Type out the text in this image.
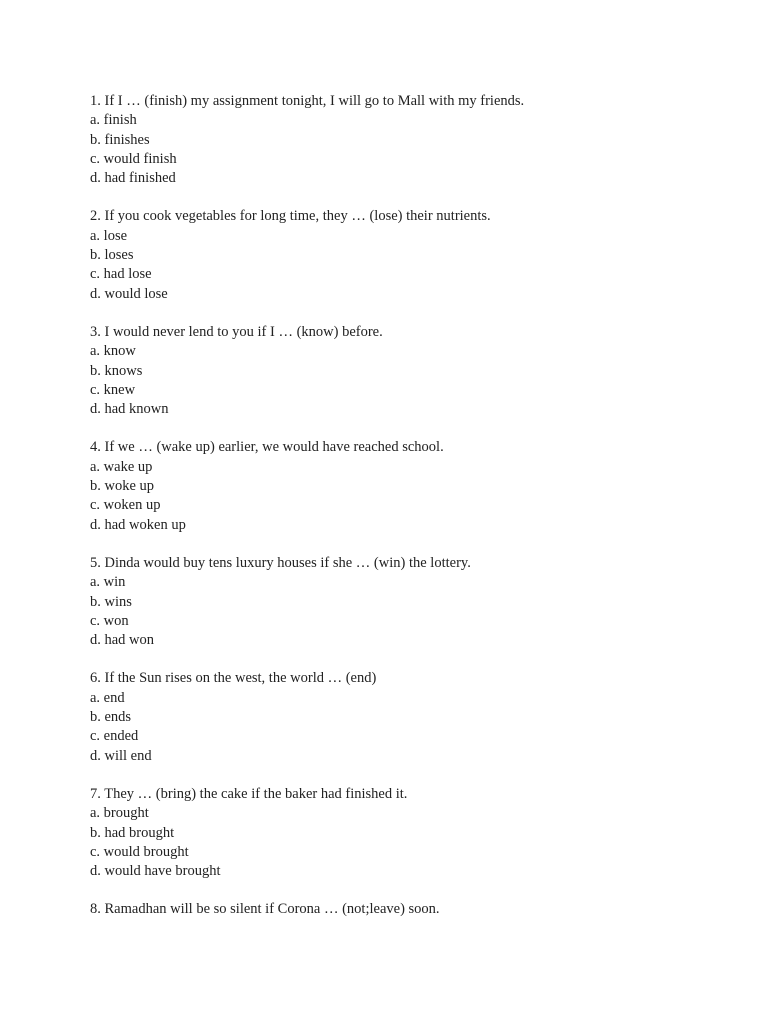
1. If I … (finish) my assignment tonight, I will go to Mall with my friends.
a. finish
b. finishes
c. would finish
d. had finished
2. If you cook vegetables for long time, they … (lose) their nutrients.
a. lose
b. loses
c. had lose
d. would lose
3. I would never lend to you if I … (know) before.
a. know
b. knows
c. knew
d. had known
4. If we … (wake up) earlier, we would have reached school.
a. wake up
b. woke up
c. woken up
d. had woken up
5. Dinda would buy tens luxury houses if she … (win) the lottery.
a. win
b. wins
c. won
d. had won
6. If the Sun rises on the west, the world … (end)
a. end
b. ends
c. ended
d. will end
7. They … (bring) the cake if the baker had finished it.
a. brought
b. had brought
c. would brought
d. would have brought
8. Ramadhan will be so silent if Corona … (not;leave) soon.
